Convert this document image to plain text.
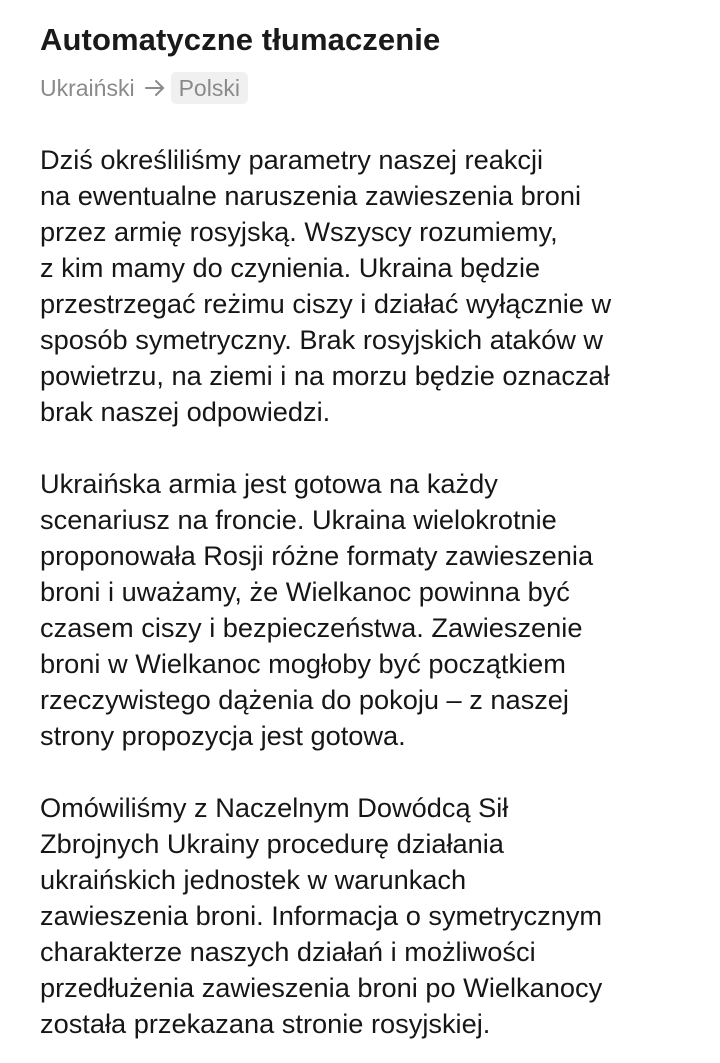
Automatyczne tłumaczenie
Ukraiński	Polski

Dziś określiliśmy parametry naszej reakcji
na ewentualne naruszenia zawieszenia broni
przez armię rosyjską. Wszyscy rozumiemy,
z kim mamy do czynienia. Ukraina będzie
przestrzegać reżimu ciszy i działać wyłącznie w
sposób symetryczny. Brak rosyjskich ataków w
powietrzu, na ziemi i na morzu będzie oznaczał
brak naszej odpowiedzi.

Ukraińska armia jest gotowa na każdy
scenariusz na froncie. Ukraina wielokrotnie
proponowała Rosji różne formaty zawieszenia
broni i uważamy, że Wielkanoc powinna być
czasem ciszy i bezpieczeństwa. Zawieszenie
broni w Wielkanoc mogłoby być początkiem
rzeczywistego dążenia do pokoju – z naszej
strony propozycja jest gotowa.

Omówiliśmy z Naczelnym Dowódcą Sił
Zbrojnych Ukrainy procedurę działania
ukraińskich jednostek w warunkach
zawieszenia broni. Informacja o symetrycznym
charakterze naszych działań i możliwości
przedłużenia zawieszenia broni po Wielkanocy
została przekazana stronie rosyjskiej.
